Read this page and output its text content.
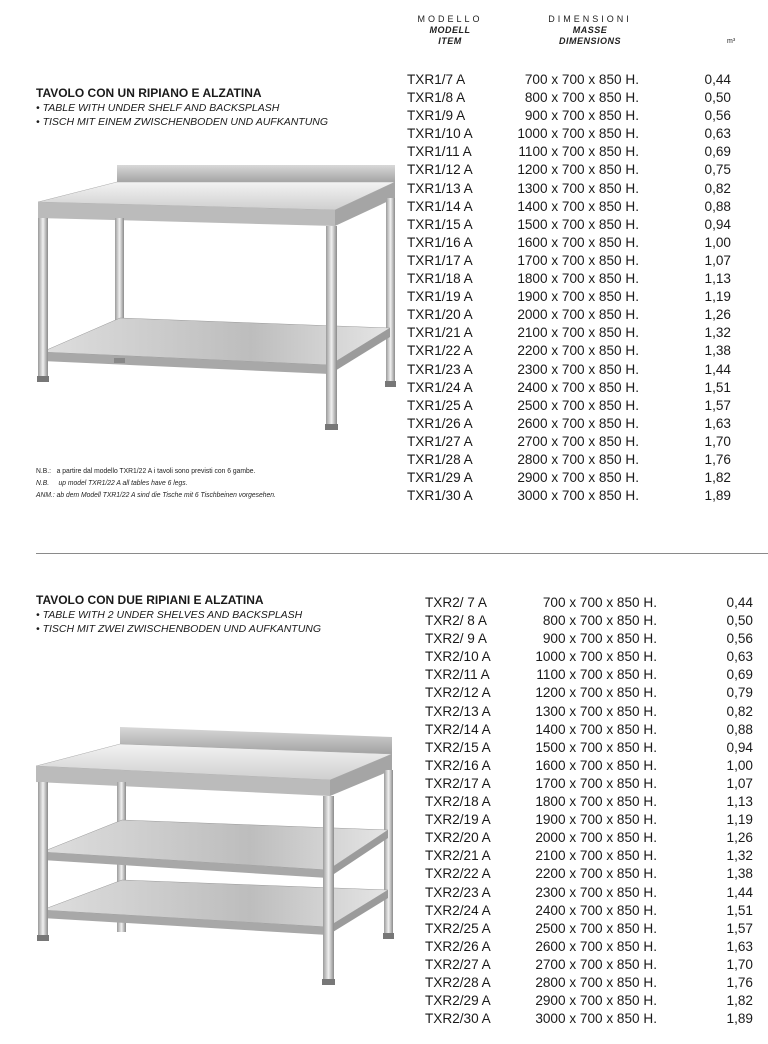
MODELLO
MODELL
ITEM
DIMENSIONI
MASSE
DIMENSIONS	m³
TAVOLO CON UN RIPIANO E ALZATINA
• TABLE WITH UNDER SHELF AND BACKSPLASH
• TISCH MIT EINEM ZWISCHENBODEN UND AUFKANTUNG
N.B.: a partire dal modello TXR1/22 A i tavoli sono previsti con 6 gambe.
N.B. up model TXR1/22 A all tables have 6 legs.
ANM.: ab dem Modell TXR1/22 A sind die Tische mit 6 Tischbeinen vorgesehen.
TXR1/7 A	700 x 700 x 850 H.	0,44
TXR1/8 A	800 x 700 x 850 H.	0,50
TXR1/9 A	900 x 700 x 850 H.	0,56
TXR1/10 A	1000 x 700 x 850 H.	0,63
TXR1/11 A	1100 x 700 x 850 H.	0,69
TXR1/12 A	1200 x 700 x 850 H.	0,75
TXR1/13 A	1300 x 700 x 850 H.	0,82
TXR1/14 A	1400 x 700 x 850 H.	0,88
TXR1/15 A	1500 x 700 x 850 H.	0,94
TXR1/16 A	1600 x 700 x 850 H.	1,00
TXR1/17 A	1700 x 700 x 850 H.	1,07
TXR1/18 A	1800 x 700 x 850 H.	1,13
TXR1/19 A	1900 x 700 x 850 H.	1,19
TXR1/20 A	2000 x 700 x 850 H.	1,26
TXR1/21 A	2100 x 700 x 850 H.	1,32
TXR1/22 A	2200 x 700 x 850 H.	1,38
TXR1/23 A	2300 x 700 x 850 H.	1,44
TXR1/24 A	2400 x 700 x 850 H.	1,51
TXR1/25 A	2500 x 700 x 850 H.	1,57
TXR1/26 A	2600 x 700 x 850 H.	1,63
TXR1/27 A	2700 x 700 x 850 H.	1,70
TXR1/28 A	2800 x 700 x 850 H.	1,76
TXR1/29 A	2900 x 700 x 850 H.	1,82
TXR1/30 A	3000 x 700 x 850 H.	1,89
TAVOLO CON DUE RIPIANI E ALZATINA
• TABLE WITH 2 UNDER SHELVES AND BACKSPLASH
• TISCH MIT ZWEI ZWISCHENBODEN UND AUFKANTUNG
TXR2/ 7 A	700 x 700 x 850 H.	0,44
TXR2/ 8 A	800 x 700 x 850 H.	0,50
TXR2/ 9 A	900 x 700 x 850 H.	0,56
TXR2/10 A	1000 x 700 x 850 H.	0,63
TXR2/11 A	1100 x 700 x 850 H.	0,69
TXR2/12 A	1200 x 700 x 850 H.	0,79
TXR2/13 A	1300 x 700 x 850 H.	0,82
TXR2/14 A	1400 x 700 x 850 H.	0,88
TXR2/15 A	1500 x 700 x 850 H.	0,94
TXR2/16 A	1600 x 700 x 850 H.	1,00
TXR2/17 A	1700 x 700 x 850 H.	1,07
TXR2/18 A	1800 x 700 x 850 H.	1,13
TXR2/19 A	1900 x 700 x 850 H.	1,19
TXR2/20 A	2000 x 700 x 850 H.	1,26
TXR2/21 A	2100 x 700 x 850 H.	1,32
TXR2/22 A	2200 x 700 x 850 H.	1,38
TXR2/23 A	2300 x 700 x 850 H.	1,44
TXR2/24 A	2400 x 700 x 850 H.	1,51
TXR2/25 A	2500 x 700 x 850 H.	1,57
TXR2/26 A	2600 x 700 x 850 H.	1,63
TXR2/27 A	2700 x 700 x 850 H.	1,70
TXR2/28 A	2800 x 700 x 850 H.	1,76
TXR2/29 A	2900 x 700 x 850 H.	1,82
TXR2/30 A	3000 x 700 x 850 H.	1,89
